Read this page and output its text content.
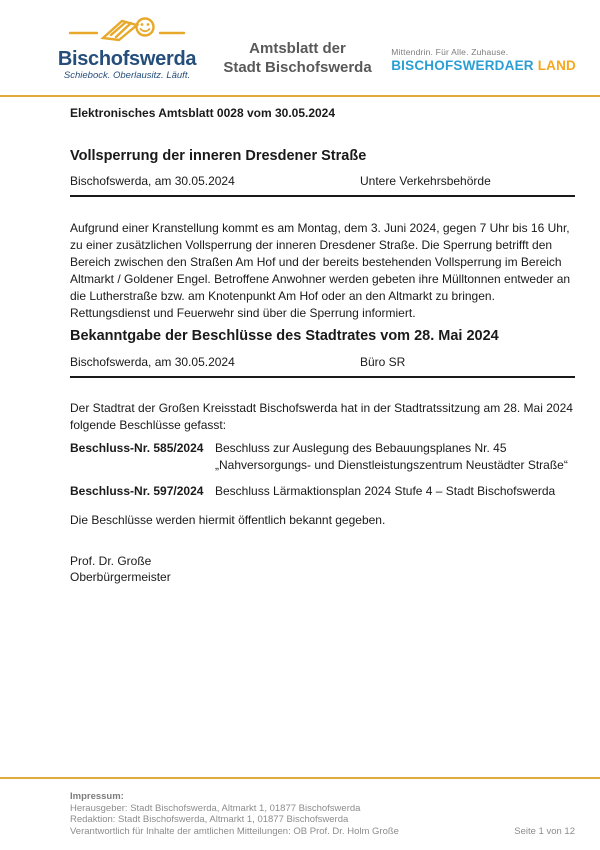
Bischofswerda
Schiebock. Oberlausitz. Läuft.
Amtsblatt der
Stadt Bischofswerda
Mittendrin. Für Alle. Zuhause.
BISCHOFSWERDAER LAND
Elektronisches Amtsblatt 0028 vom 30.05.2024
Vollsperrung der inneren Dresdener Straße
Bischofswerda, am 30.05.2024	Untere Verkehrsbehörde
Aufgrund einer Kranstellung kommt es am Montag, dem 3. Juni 2024, gegen 7 Uhr bis 16 Uhr, zu einer zusätzlichen Vollsperrung der inneren Dresdener Straße. Die Sperrung betrifft den Bereich zwischen den Straßen Am Hof und der bereits bestehenden Vollsperrung im Bereich Altmarkt / Goldener Engel. Betroffene Anwohner werden gebeten ihre Mülltonnen entweder an die Lutherstraße bzw. am Knotenpunkt Am Hof oder an den Altmarkt zu bringen. Rettungsdienst und Feuerwehr sind über die Sperrung informiert.
Bekanntgabe der Beschlüsse des Stadtrates vom 28. Mai 2024
Bischofswerda, am 30.05.2024	Büro SR
Der Stadtrat der Großen Kreisstadt Bischofswerda hat in der Stadtratssitzung am 28. Mai 2024 folgende Beschlüsse gefasst:
Beschluss-Nr. 585/2024 Beschluss zur Auslegung des Bebauungsplanes Nr. 45
„Nahversorgungs- und Dienstleistungszentrum Neustädter Straße“
Beschluss-Nr. 597/2024 Beschluss Lärmaktionsplan 2024 Stufe 4 – Stadt Bischofswerda
Die Beschlüsse werden hiermit öffentlich bekannt gegeben.
Prof. Dr. Große
Oberbürgermeister
Impressum:
Herausgeber: Stadt Bischofswerda, Altmarkt 1, 01877 Bischofswerda
Redaktion: Stadt Bischofswerda, Altmarkt 1, 01877 Bischofswerda
Verantwortlich für Inhalte der amtlichen Mitteilungen: OB Prof. Dr. Holm Große	Seite 1 von 12
